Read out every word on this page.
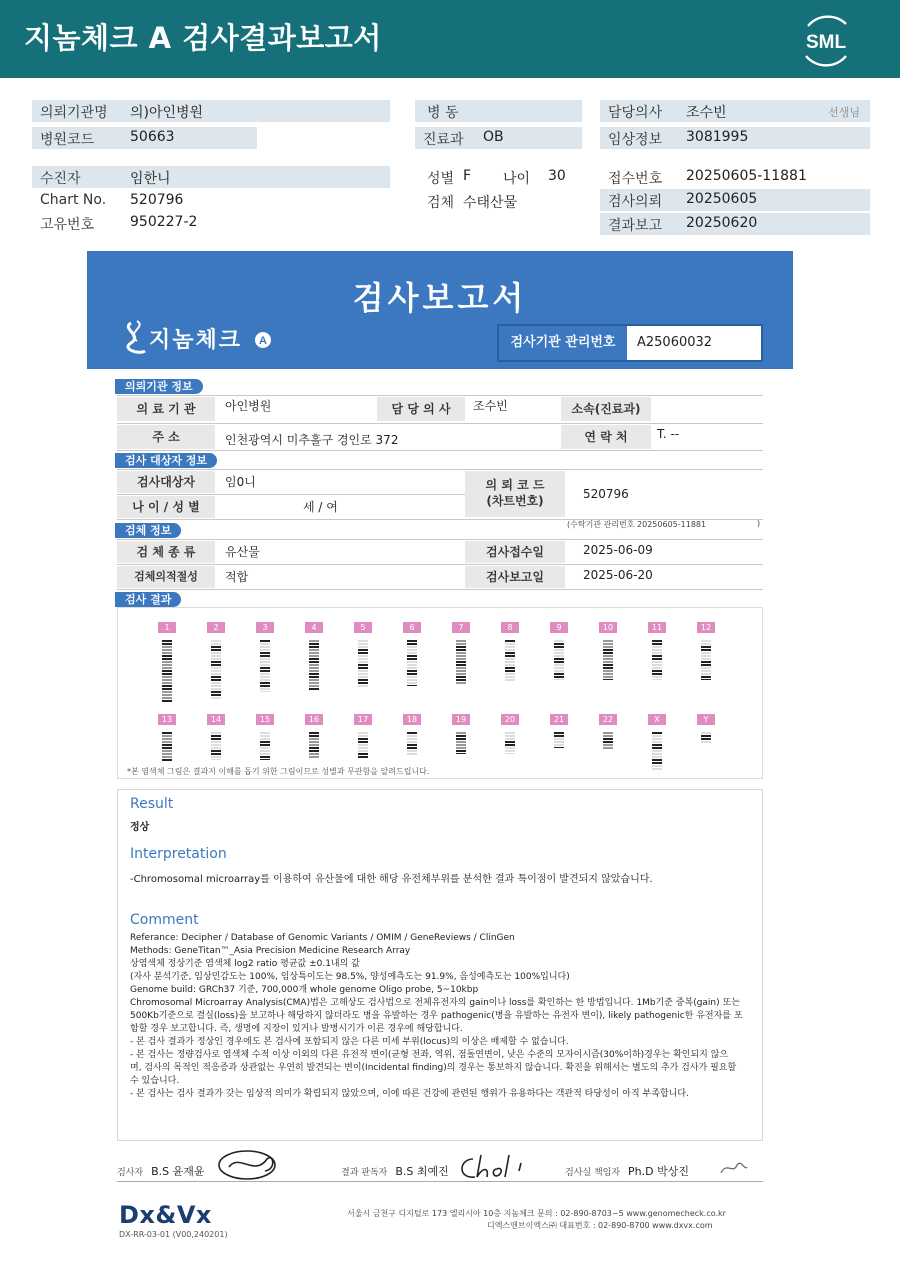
지놈체크 A 검사결과보고서	SML
의뢰기관명 의)아인병원
병원코드	50663
병 동
진료과 OB
담당의사 조수빈	선생님
임상정보 3081995
수진자	임한니
Chart No. 520796
고유번호	950227-2
성별 F 나이 30
검체 수태산물
접수번호 20250605-11881
검사의뢰 20250605
결과보고 20250620
검사보고서
A
지놈체크	검사기관 관리번호	A25060032
의뢰기관 정보
의 료 기 관	아인병원	담 당 의 사	조수빈	소속(진료과)
주 소	인천광역시 미추홀구 경인로 372	연 락 처	T. --
검사 대상자 정보
검사대상자	임0니	의 뢰 코 드
(차트번호)	520796
나 이 / 성 별	세 / 여
검체 정보	(수탁기관 관리번호 20250605-11881	)
검 체 종 류	유산물	검사접수일	2025-06-09
검체의적절성	적합	검사보고일	2025-06-20
검사 결과
1	2	3	4	5	6	7	8	9	10	11	12
13	14	15	16	17	18	19	20	21	22	X	Y
*본 염색체 그림은 결과지 이해를 돕기 위한 그림이므로 성별과 무관함을 알려드립니다.
Result
정상
Interpretation
-Chromosomal microarray를 이용하여 유산물에 대한 해당 유전체부위를 분석한 결과 특이점이 발견되지 않았습니다.
Comment
Referance: Decipher / Database of Genomic Variants / OMIM / GeneReviews / ClinGen
Methods: GeneTitan™_Asia Precision Medicine Research Array
상염색체 정상기준 염색체 log2 ratio 평균값 ±0.1내의 값
(자사 분석기준, 임상민감도는 100%, 임상특이도는 98.5%, 양성예측도는 91.9%, 음성예측도는 100%입니다)
Genome build: GRCh37 기준, 700,000개 whole genome Oligo probe, 5~10kbp
Chromosomal Microarray Analysis(CMA)법은 고해상도 검사법으로 전체유전자의 gain이나 loss를 확인하는 한 방법입니다. 1Mb기준 중복(gain) 또는
500Kb기준으로 결실(loss)을 보고하나 해당하지 않더라도 병을 유발하는 경우 pathogenic(병을 유발하는 유전자 변이), likely pathogenic한 유전자를 포
함할 경우 보고합니다. 즉, 생명에 지장이 있거나 발병시기가 이른 경우에 해당합니다.
- 본 검사 결과가 정상인 경우에도 본 검사에 포함되지 않은 다른 미세 부위(locus)의 이상은 배제할 수 없습니다.
- 본 검사는 정량검사로 염색체 수적 이상 이외의 다른 유전적 변이(균형 전좌, 역위, 점돌연변이, 낮은 수준의 모자이시즘(30%이하)경우는 확인되지 않으
며, 검사의 목적인 적응증과 상관없는 우연히 발견되는 변이(Incidental finding)의 경우는 통보하지 않습니다. 확진을 위해서는 별도의 추가 검사가 필요할
수 있습니다.
- 본 검사는 검사 결과가 갖는 임상적 의미가 확립되지 않았으며, 이에 따른 건강에 관련된 행위가 유용하다는 객관적 타당성이 아직 부족합니다.
검사자 B.S 윤재윤	결과 판독자 B.S 최예진	검사실 책임자 Ph.D 박상진
Dx&Vx
DX-RR-03-01 (V00,240201)
서울시 금천구 디지털로 173 엘리시아 10층 지놈체크 문의 : 02-890-8703~5 www.genomecheck.co.kr
디엑스앤브이엑스㈜ 대표번호 : 02-890-8700 www.dxvx.com
